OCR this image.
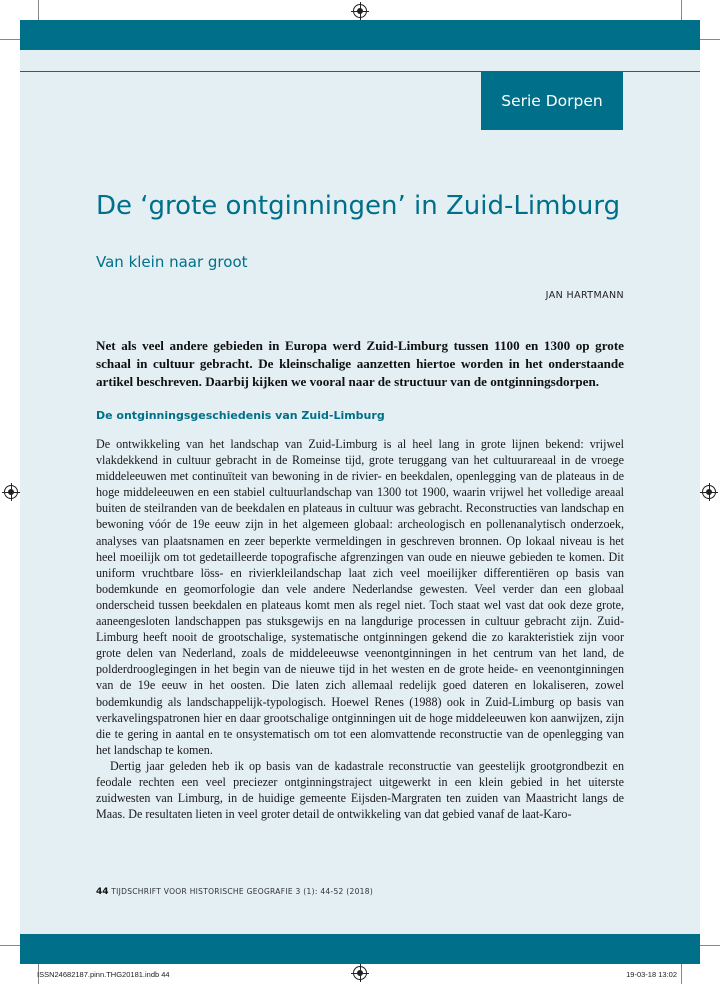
Serie Dorpen
De ‘grote ontginningen’ in Zuid-Limburg
Van klein naar groot
JAN HARTMANN

Net als veel andere gebieden in Europa werd Zuid-Limburg tussen 1100 en 1300 op grote schaal in cultuur gebracht. De kleinschalige aanzetten hiertoe worden in het onderstaande artikel beschreven. Daarbij kijken we vooral naar de structuur van de ontginningsdorpen.

De ontginningsgeschiedenis van Zuid-Limburg

De ontwikkeling van het landschap van Zuid-Limburg is al heel lang in grote lijnen bekend: vrijwel vlakdekkend in cultuur gebracht in de Romeinse tijd, grote teruggang van het cultuurareaal in de vroege middeleeuwen met continuïteit van bewoning in de rivier- en beekdalen, openlegging van de plateaus in de hoge middeleeuwen en een stabiel cultuurlandschap van 1300 tot 1900, waarin vrijwel het volledige areaal buiten de steilranden van de beekdalen en plateaus in cultuur was gebracht. Reconstructies van landschap en bewoning vóór de 19e eeuw zijn in het algemeen globaal: archeologisch en pollenanalytisch onderzoek, analyses van plaatsnamen en zeer beperkte vermeldingen in geschreven bronnen. Op lokaal niveau is het heel moeilijk om tot gedetailleerde topografische afgrenzingen van oude en nieuwe gebieden te komen. Dit uniform vruchtbare löss- en rivierkleilandschap laat zich veel moeilijker differentiëren op basis van bodemkunde en geomorfologie dan vele andere Nederlandse gewesten. Veel verder dan een globaal onderscheid tussen beekdalen en plateaus komt men als regel niet. Toch staat wel vast dat ook deze grote, aaneengesloten landschappen pas stuksgewijs en na langdurige processen in cultuur gebracht zijn. Zuid-Limburg heeft nooit de grootschalige, systematische ontginningen gekend die zo karakteristiek zijn voor grote delen van Nederland, zoals de middeleeuwse veenontginningen in het centrum van het land, de polderdrooglegingen in het begin van de nieuwe tijd in het westen en de grote heide- en veenontginningen van de 19e eeuw in het oosten. Die laten zich allemaal redelijk goed dateren en lokaliseren, zowel bodemkundig als landschappelijk-typologisch. Hoewel Renes (1988) ook in Zuid-Limburg op basis van verkavelingspatronen hier en daar grootschalige ontginningen uit de hoge middeleeuwen kon aanwijzen, zijn die te gering in aantal en te onsystematisch om tot een alomvattende reconstructie van de openlegging van het landschap te komen.

Dertig jaar geleden heb ik op basis van de kadastrale reconstructie van geestelijk grootgrondbezit en feodale rechten een veel preciezer ontginningstraject uitgewerkt in een klein gebied in het uiterste zuidwesten van Limburg, in de huidige gemeente Eijsden-Margraten ten zuiden van Maastricht langs de Maas. De resultaten lieten in veel groter detail de ontwikkeling van dat gebied vanaf de laat-Karo-

44 TIJDSCHRIFT VOOR HISTORISCHE GEOGRAFIE 3 (1): 44-52 (2018)
ISSN24682187.pinn.THG20181.indb 44	19-03-18 13:02
